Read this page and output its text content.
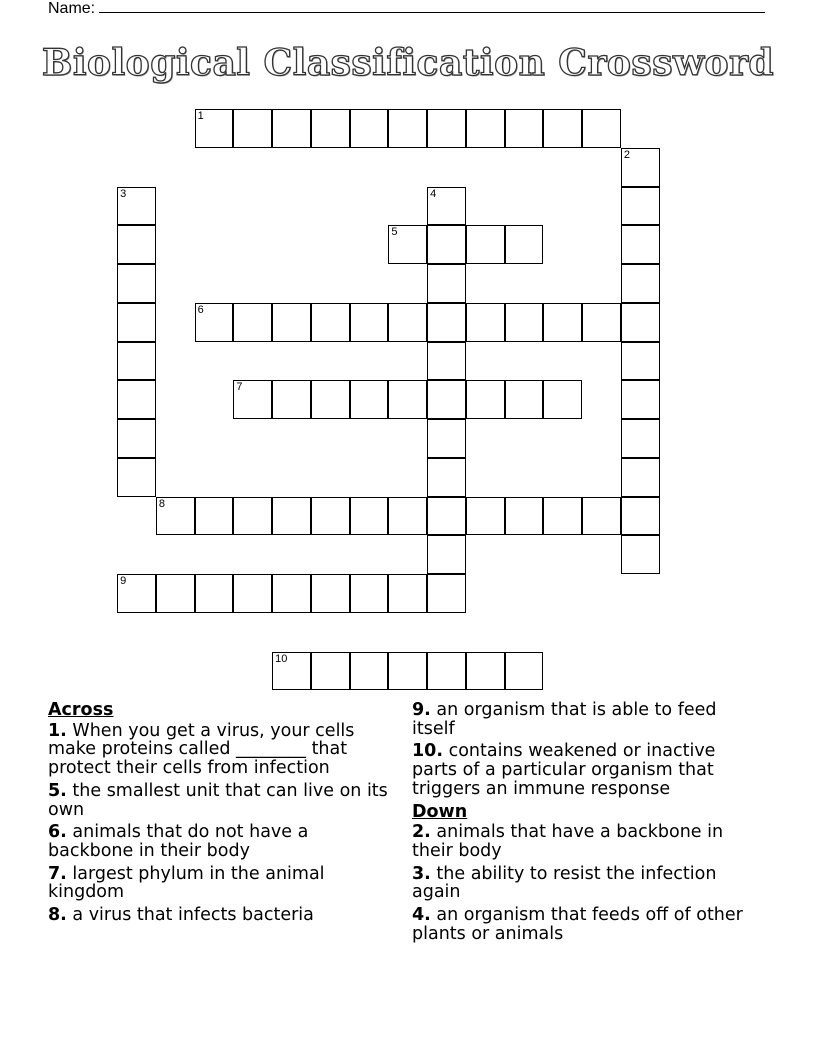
Name:
Biological Classification Crossword
1
2
3	4
5
6
7
8
9
10
Across
1. When you get a virus, your cells make proteins called ________ that protect their cells from infection
5. the smallest unit that can live on its own
6. animals that do not have a backbone in their body
7. largest phylum in the animal kingdom
8. a virus that infects bacteria
9. an organism that is able to feed itself
10. contains weakened or inactive parts of a particular organism that triggers an immune response
Down
2. animals that have a backbone in their body
3. the ability to resist the infection again
4. an organism that feeds off of other plants or animals
